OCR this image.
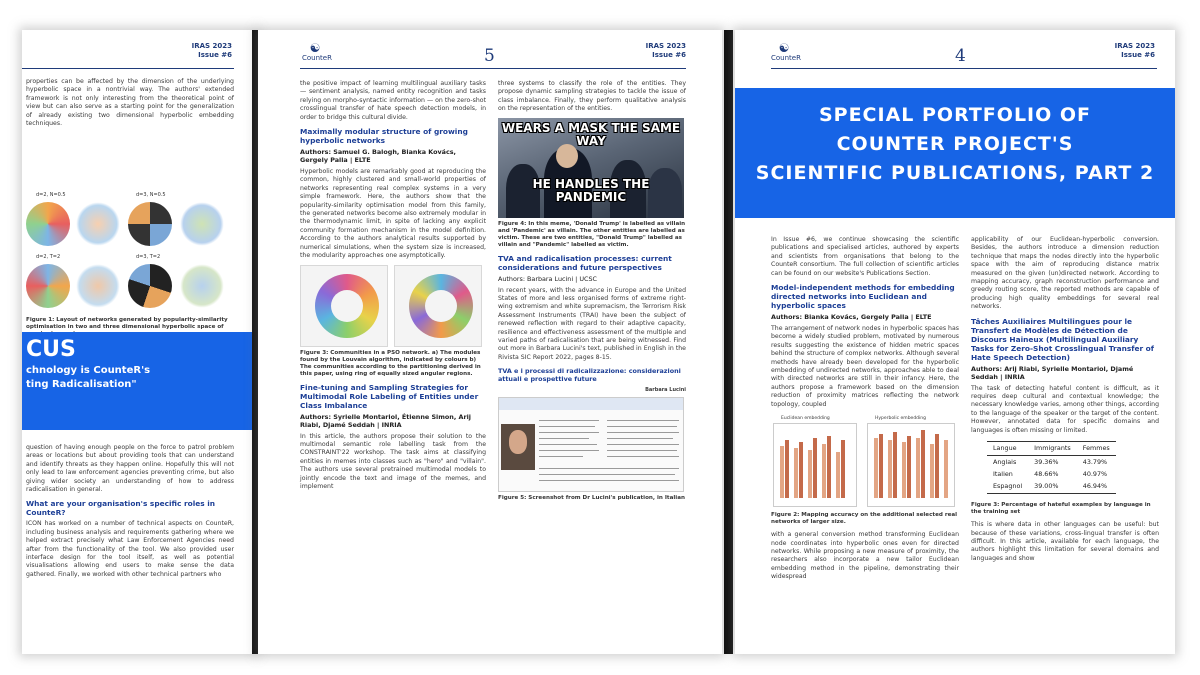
IRAS 2023
Issue #6

properties can be affected by the dimension of the underlying hyperbolic space in a nontrivial way. The authors' extended framework is not only interesting from the theoretical point of view but can also serve as a starting point for the generalization of already existing two dimensional hyperbolic embedding techniques.

d=2, N=0.5	d=3, N=0.5
d=2, T=2	d=3, T=2
Figure 1: Layout of networks generated by popularity-similarity optimisation in two and three dimensional hyperbolic space of
CUS
chnology is CounteR's
ting Radicalisation"

question of having enough people on the force to patrol problem areas or locations but about providing tools that can understand and identify threats as they happen online. Hopefully this will not only lead to law enforcement agencies preventing crime, but also giving wider society an understanding of how to address radicalisation in general.

What are your organisation's specific roles in CounteR?

ICON has worked on a number of technical aspects on CounteR, including business analysis and requirements gathering where we helped extract precisely what Law Enforcement Agencies need after from the functionality of the tool. We also provided user interface design for the tool itself, as well as potential visualisations allowing end users to make sense the data gathered. Finally, we worked with other technical partners who

☯
CounteR	5	IRAS 2023
Issue #6

the positive impact of learning multilingual auxiliary tasks — sentiment analysis, named entity recognition and tasks relying on morpho-syntactic information — on the zero-shot crosslingual transfer of hate speech detection models, in order to bridge this cultural divide.

Maximally modular structure of growing hyperbolic networks
Authors: Samuel G. Balogh, Bianka Kovács, Gergely Palla | ELTE

Hyperbolic models are remarkably good at reproducing the common, highly clustered and small-world properties of networks representing real complex systems in a very simple framework. Here, the authors show that the popularity-similarity optimisation model from this family, the generated networks become also extremely modular in the thermodynamic limit, in spite of lacking any explicit community formation mechanism in the model definition. According to the authors analytical results supported by numerical simulations, when the system size is increased, the modularity approaches one asymptotically.

Figure 3: Communities in a PSO network. a) The modules found by the Louvain algorithm, indicated by colours b) The communities according to the partitioning derived in this paper, using ring of equally sized angular regions.
Fine-tuning and Sampling Strategies for Multimodal Role Labeling of Entities under Class Imbalance
Authors: Syrielle Montariol, Étienne Simon, Arij Riabi, Djamé Seddah | INRIA

In this article, the authors propose their solution to the multimodal semantic role labelling task from the CONSTRAINT'22 workshop. The task aims at classifying entities in memes into classes such as "hero" and "villain". The authors use several pretrained multimodal models to jointly encode the text and image of the memes, and implement

three systems to classify the role of the entities. They propose dynamic sampling strategies to tackle the issue of class imbalance. Finally, they perform qualitative analysis on the representation of the entities.

WEARS A MASK THE SAME WAY
HE HANDLES THE
PANDEMIC
Figure 4: In this meme, 'Donald Trump' is labelled as villain and 'Pandemic' as villain. The other entities are labelled as victim. These are two entities, "Donald Trump" labelled as villain and "Pandemic" labelled as victim.
TVA and radicalisation processes: current considerations and future perspectives
Authors: Barbara Lucini | UCSC

In recent years, with the advance in Europe and the United States of more and less organised forms of extreme right-wing extremism and white supremacism, the Terrorism Risk Assessment Instruments (TRAI) have been the subject of renewed reflection with regard to their adaptive capacity, resilience and effectiveness assessment of the multiple and varied paths of radicalisation that are being witnessed. Find out more in Barbara Lucini's text, published in English in the Rivista SIC Report 2022, pages 8-15.

TVA e i processi di radicalizzazione: considerazioni attuali e prospettive future
Barbara Lucini
Figure 5: Screenshot from Dr Lucini's publication, in Italian
☯
CounteR	4	IRAS 2023
Issue #6
SPECIAL PORTFOLIO OF
COUNTER PROJECT'S
SCIENTIFIC PUBLICATIONS, PART 2

In Issue #6, we continue showcasing the scientific publications and specialised articles, authored by experts and scientists from organisations that belong to the CounteR consortium. The full collection of scientific articles can be found on our website's Publications Section.

Model-independent methods for embedding directed networks into Euclidean and hyperbolic spaces
Authors: Bianka Kovács, Gergely Palla | ELTE

The arrangement of network nodes in hyperbolic spaces has become a widely studied problem, motivated by numerous results suggesting the existence of hidden metric spaces behind the structure of complex networks. Although several methods have already been developed for the hyperbolic embedding of undirected networks, approaches able to deal with directed networks are still in their infancy. Here, the authors propose a framework based on the dimension reduction of proximity matrices reflecting the network topology, coupled

Euclidean embedding	Hyperbolic embedding
Figure 2: Mapping accuracy on the additional selected real networks of larger size.

with a general conversion method transforming Euclidean node coordinates into hyperbolic ones even for directed networks. While proposing a new measure of proximity, the researchers also incorporate a new tailor Euclidean embedding method in the pipeline, demonstrating their widespread

applicability of our Euclidean-hyperbolic conversion. Besides, the authors introduce a dimension reduction technique that maps the nodes directly into the hyperbolic space with the aim of reproducing distance matrix measured on the given (un)directed network. According to mapping accuracy, graph reconstruction performance and greedy routing score, the reported methods are capable of producing high quality embeddings for several real networks.

Tâches Auxiliaires Multilingues pour le Transfert de Modèles de Détection de Discours Haineux (Multilingual Auxiliary Tasks for Zero-Shot Crosslingual Transfer of Hate Speech Detection)
Authors: Arij Riabi, Syrielle Montariol, Djamé Seddah | INRIA

The task of detecting hateful content is difficult, as it requires deep cultural and contextual knowledge; the necessary knowledge varies, among other things, according to the language of the speaker or the target of the content. However, annotated data for specific domains and languages is often missing or limited.

Langue	Immigrants	Femmes
Anglais	39.36%	43.79%
Italien	48.66%	40.97%
Espagnol	39.00%	46.94%
Figure 3: Percentage of hateful examples by language in the training set

This is where data in other languages can be useful: but because of these variations, cross-lingual transfer is often difficult. In this article, available for each language, the authors highlight this limitation for several domains and languages and show
